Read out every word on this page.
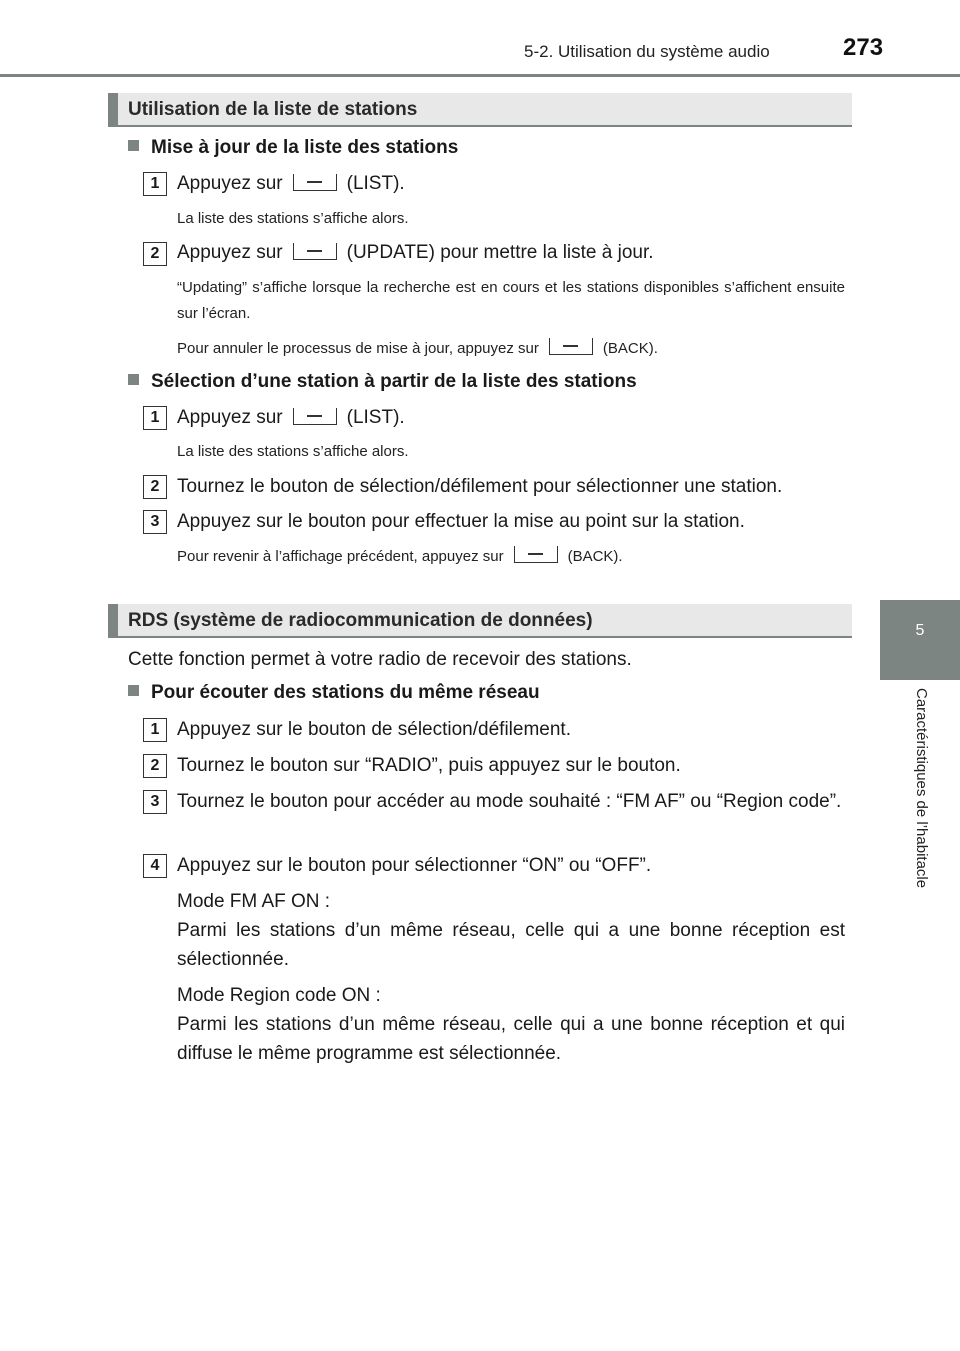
5-2. Utilisation du système audio	273
5
Caractéristiques de l’habitacle
Utilisation de la liste de stations
Mise à jour de la liste des stations
1 Appuyez sur	(LIST).
La liste des stations s’affiche alors.
2 Appuyez sur	(UPDATE) pour mettre la liste à jour.
“Updating” s’affiche lorsque la recherche est en cours et les stations disponibles s’affichent ensuite sur l’écran.
Pour annuler le processus de mise à jour, appuyez sur	(BACK).
Sélection d’une station à partir de la liste des stations
1 Appuyez sur	(LIST).
La liste des stations s’affiche alors.
2 Tournez le bouton de sélection/défilement pour sélectionner une station.
3 Appuyez sur le bouton pour effectuer la mise au point sur la station.
Pour revenir à l’affichage précédent, appuyez sur	(BACK).
RDS (système de radiocommunication de données)
Cette fonction permet à votre radio de recevoir des stations.
Pour écouter des stations du même réseau
1 Appuyez sur le bouton de sélection/défilement.
2 Tournez le bouton sur “RADIO”, puis appuyez sur le bouton.
3 Tournez le bouton pour accéder au mode souhaité : “FM AF” ou “Region code”.
4 Appuyez sur le bouton pour sélectionner “ON” ou “OFF”.
Mode FM AF ON :
Parmi les stations d’un même réseau, celle qui a une bonne réception est sélectionnée.
Mode Region code ON :
Parmi les stations d’un même réseau, celle qui a une bonne réception et qui diffuse le même programme est sélectionnée.
